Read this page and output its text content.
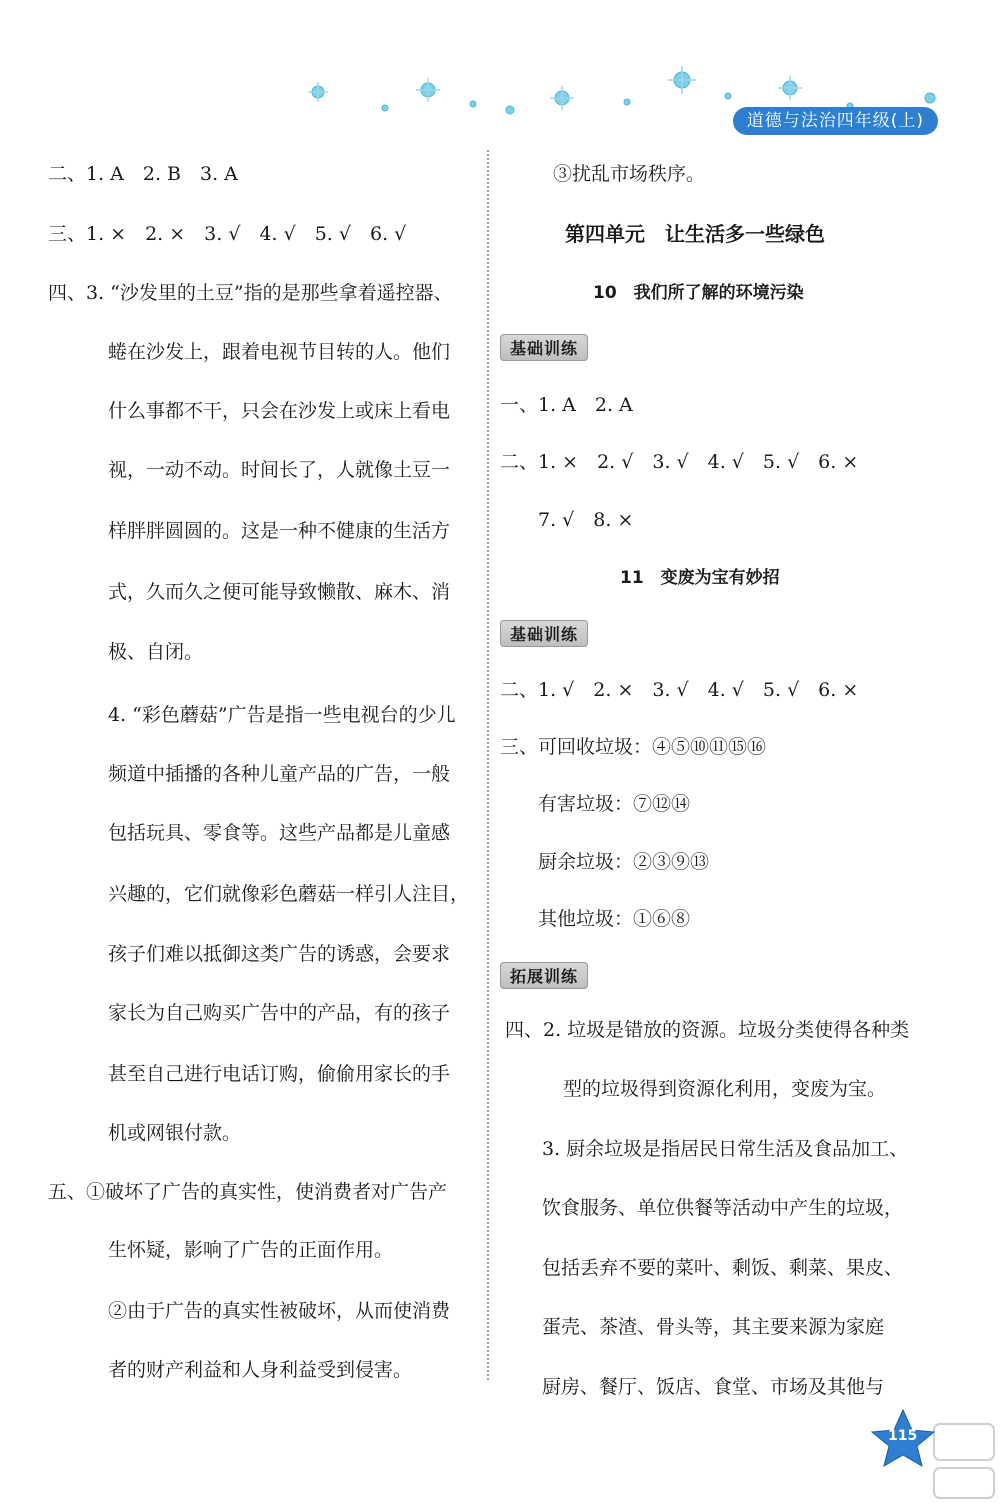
道德与法治四年级(上)
二、1. A　2. B　3. A
三、1. ×　2. ×　3. √　4. √　5. √　6. √
四、3. “沙发里的土豆”指的是那些拿着遥控器、
蜷在沙发上，跟着电视节目转的人。他们
什么事都不干，只会在沙发上或床上看电
视，一动不动。时间长了，人就像土豆一
样胖胖圆圆的。这是一种不健康的生活方
式，久而久之便可能导致懒散、麻木、消
极、自闭。
4. “彩色蘑菇”广告是指一些电视台的少儿
频道中插播的各种儿童产品的广告，一般
包括玩具、零食等。这些产品都是儿童感
兴趣的，它们就像彩色蘑菇一样引人注目，
孩子们难以抵御这类广告的诱惑，会要求
家长为自己购买广告中的产品，有的孩子
甚至自己进行电话订购，偷偷用家长的手
机或网银付款。
五、①破坏了广告的真实性，使消费者对广告产
生怀疑，影响了广告的正面作用。
②由于广告的真实性被破坏，从而使消费
者的财产利益和人身利益受到侵害。
③扰乱市场秩序。
第四单元　让生活多一些绿色
10　我们所了解的环境污染
基础训练
一、1. A　2. A
二、1. ×　2. √　3. √　4. √　5. √　6. ×
7. √　8. ×
11　变废为宝有妙招
基础训练
二、1. √　2. ×　3. √　4. √　5. √　6. ×
三、可回收垃圾：④⑤⑩⑪⑮⑯
有害垃圾：⑦⑫⑭
厨余垃圾：②③⑨⑬
其他垃圾：①⑥⑧
拓展训练
四、2. 垃圾是错放的资源。垃圾分类使得各种类
型的垃圾得到资源化利用，变废为宝。
3. 厨余垃圾是指居民日常生活及食品加工、
饮食服务、单位供餐等活动中产生的垃圾，
包括丢弃不要的菜叶、剩饭、剩菜、果皮、
蛋壳、茶渣、骨头等，其主要来源为家庭
厨房、餐厅、饭店、食堂、市场及其他与
115
